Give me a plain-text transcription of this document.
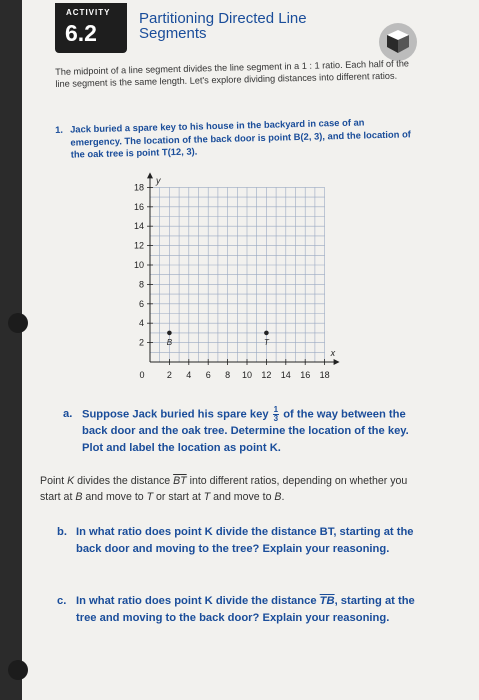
ACTIVITY
6.2
Partitioning Directed Line
Segments
The midpoint of a line segment divides the line segment in a 1 : 1 ratio. Each half of the line segment is the same length. Let's explore dividing distances into different ratios.
1. Jack buried a spare key to his house in the backyard in case of an emergency. The location of the back door is point B(2, 3), and the location of the oak tree is point T(12, 3).
2 4 6 8 10 12 14 16 18
2
4
6
8
10
12
14
16
18
0
x
y
B	T
a. Suppose Jack buried his spare key $\frac{1}{3}$ of the way between the back door and the oak tree. Determine the location of the key. Plot and label the location as point K.
Point K divides the distance $\overline{BT}$ into different ratios, depending on whether you start at B and move to T or start at T and move to B.
b. In what ratio does point K divide the distance BT, starting at the back door and moving to the tree? Explain your reasoning.
c. In what ratio does point K divide the distance $\overline{TB}$, starting at the tree and moving to the back door? Explain your reasoning.
